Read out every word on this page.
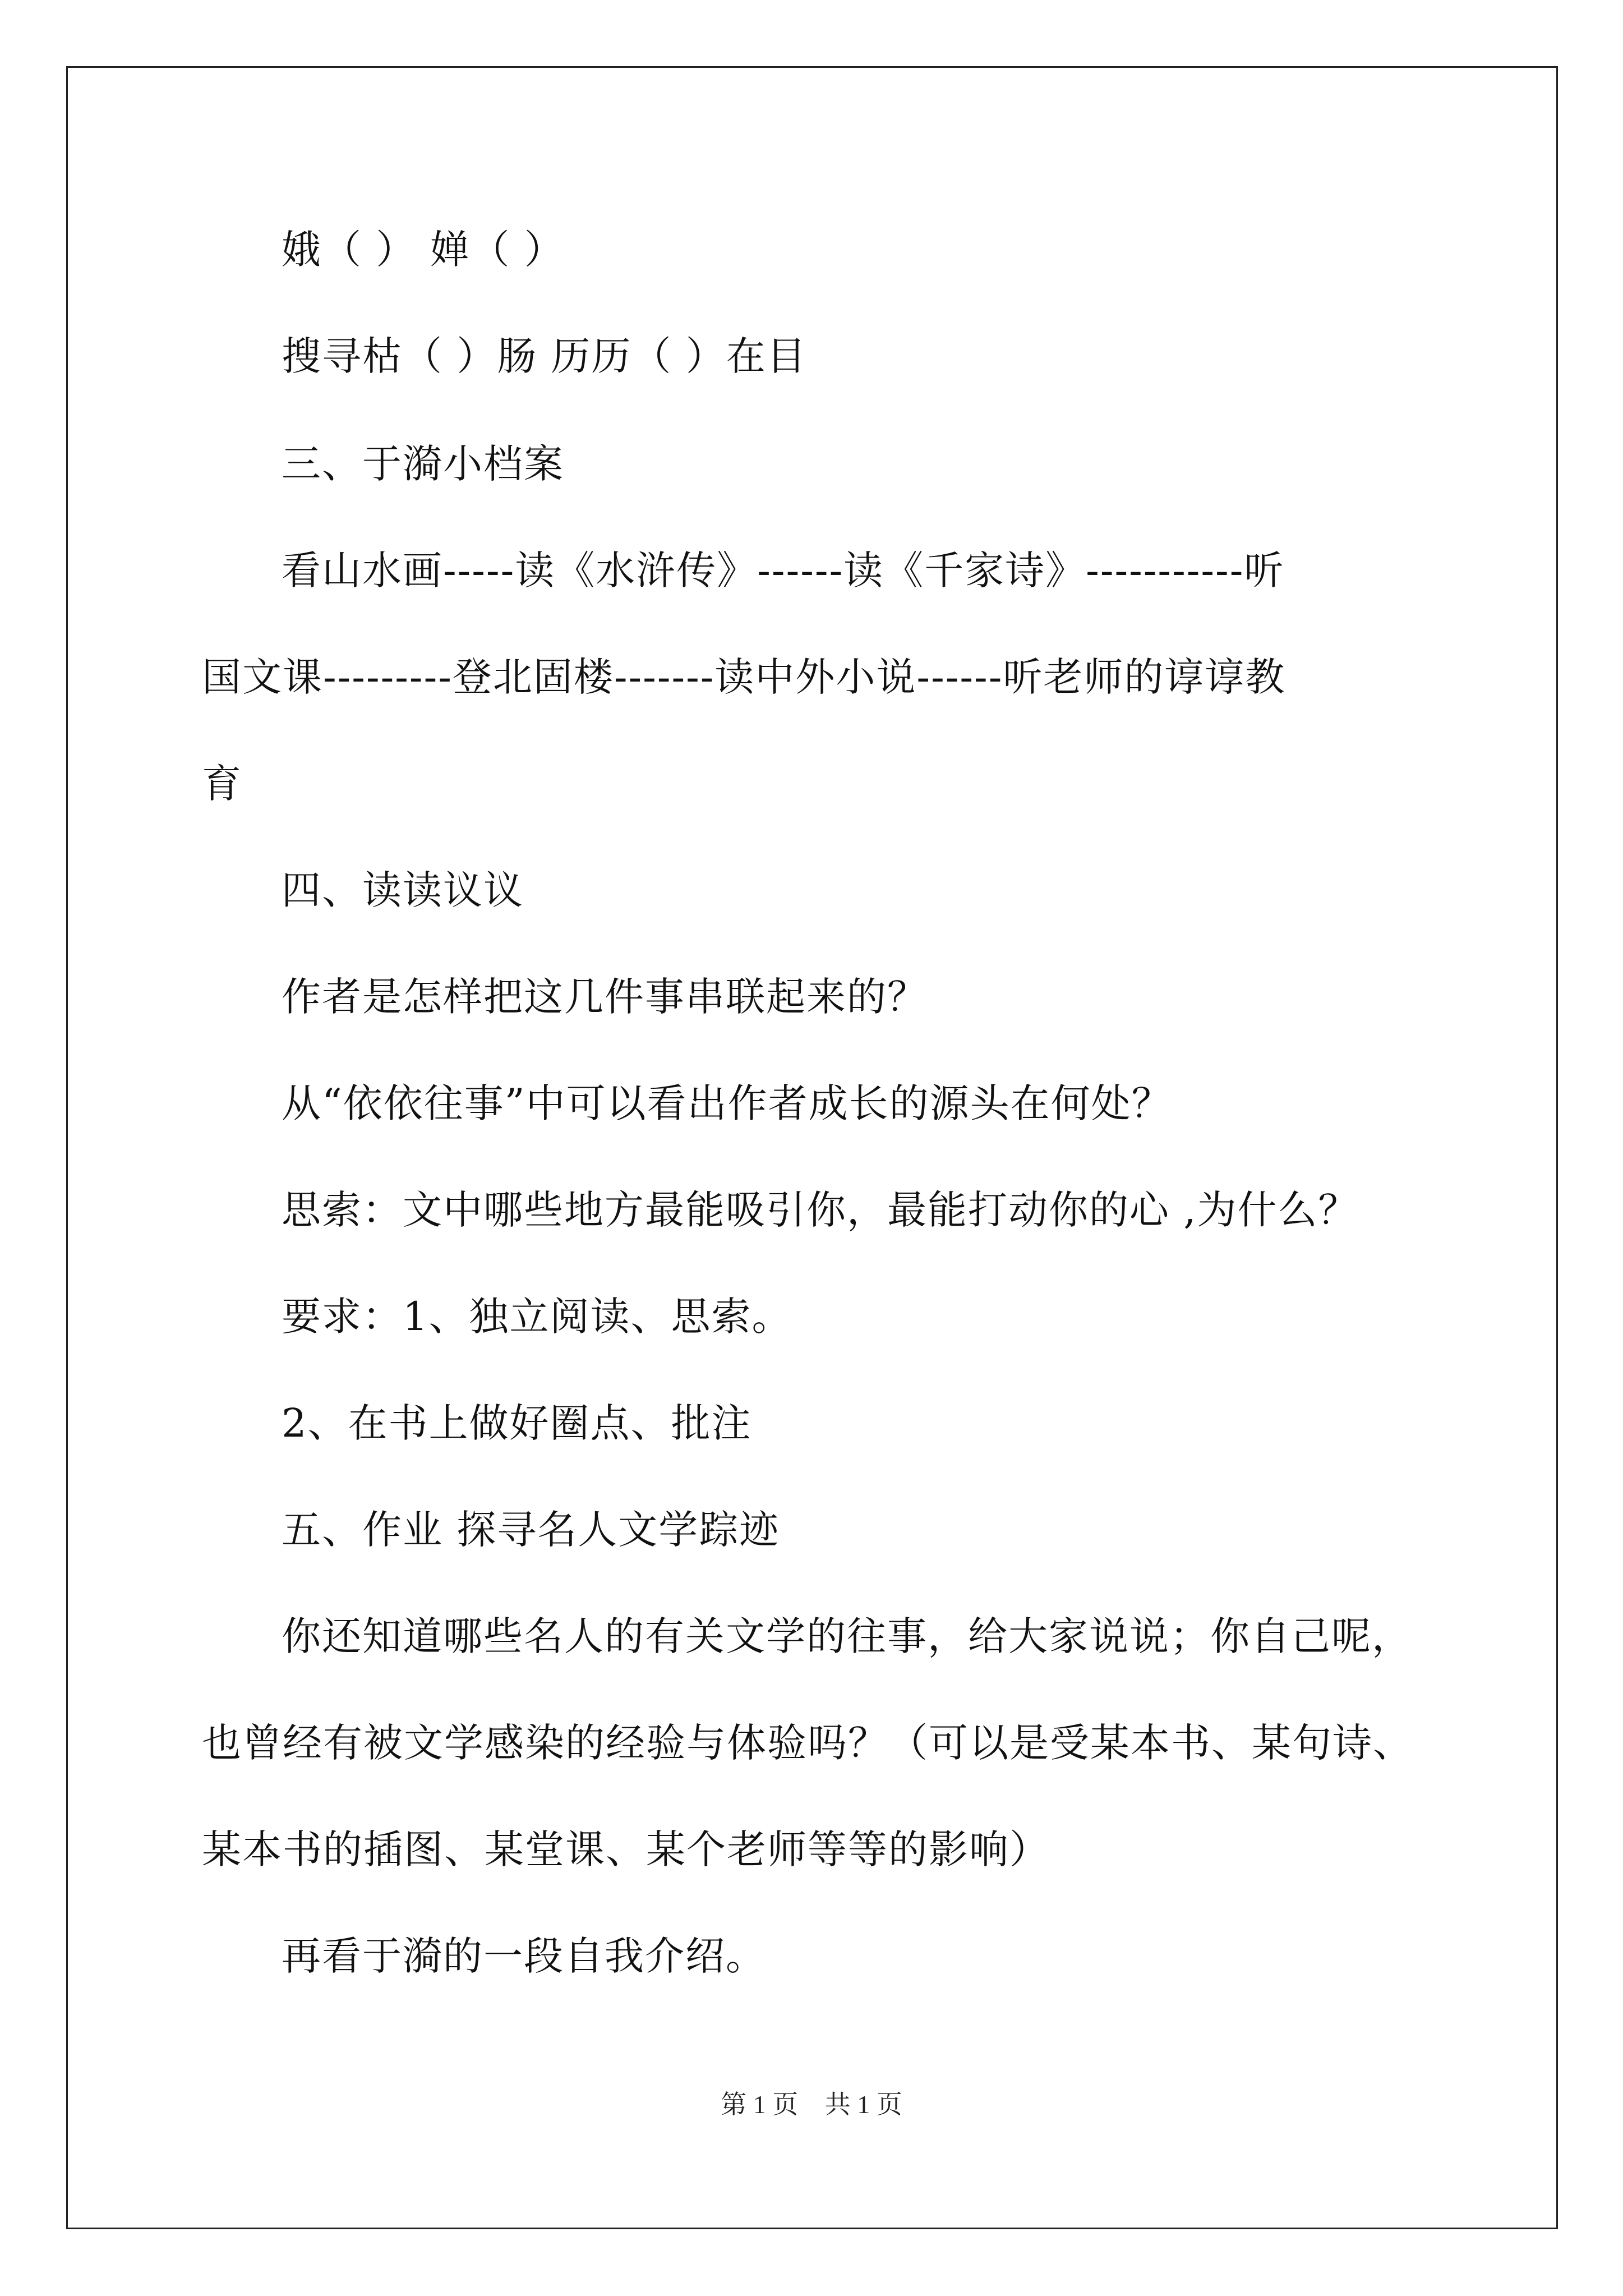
娥（ ） 婵（ ）
搜寻枯（ ）肠 历历（ ）在目
三、于漪小档案
看山水画-----读《水浒传》------读《千家诗》-----------听
国文课---------登北固楼-------读中外小说------听老师的谆谆教
育
四、读读议议
作者是怎样把这几件事串联起来的？
从“依依往事”中可以看出作者成长的源头在何处？
思索：文中哪些地方最能吸引你，最能打动你的心 ,为什么？
要求：1、独立阅读、思索。
2、在书上做好圈点、批注
五、作业 探寻名人文学踪迹
你还知道哪些名人的有关文学的往事，给大家说说；你自己呢，
也曾经有被文学感染的经验与体验吗？（可以是受某本书、某句诗、
某本书的插图、某堂课、某个老师等等的影响）
再看于漪的一段自我介绍。
第 1 页 共 1 页
